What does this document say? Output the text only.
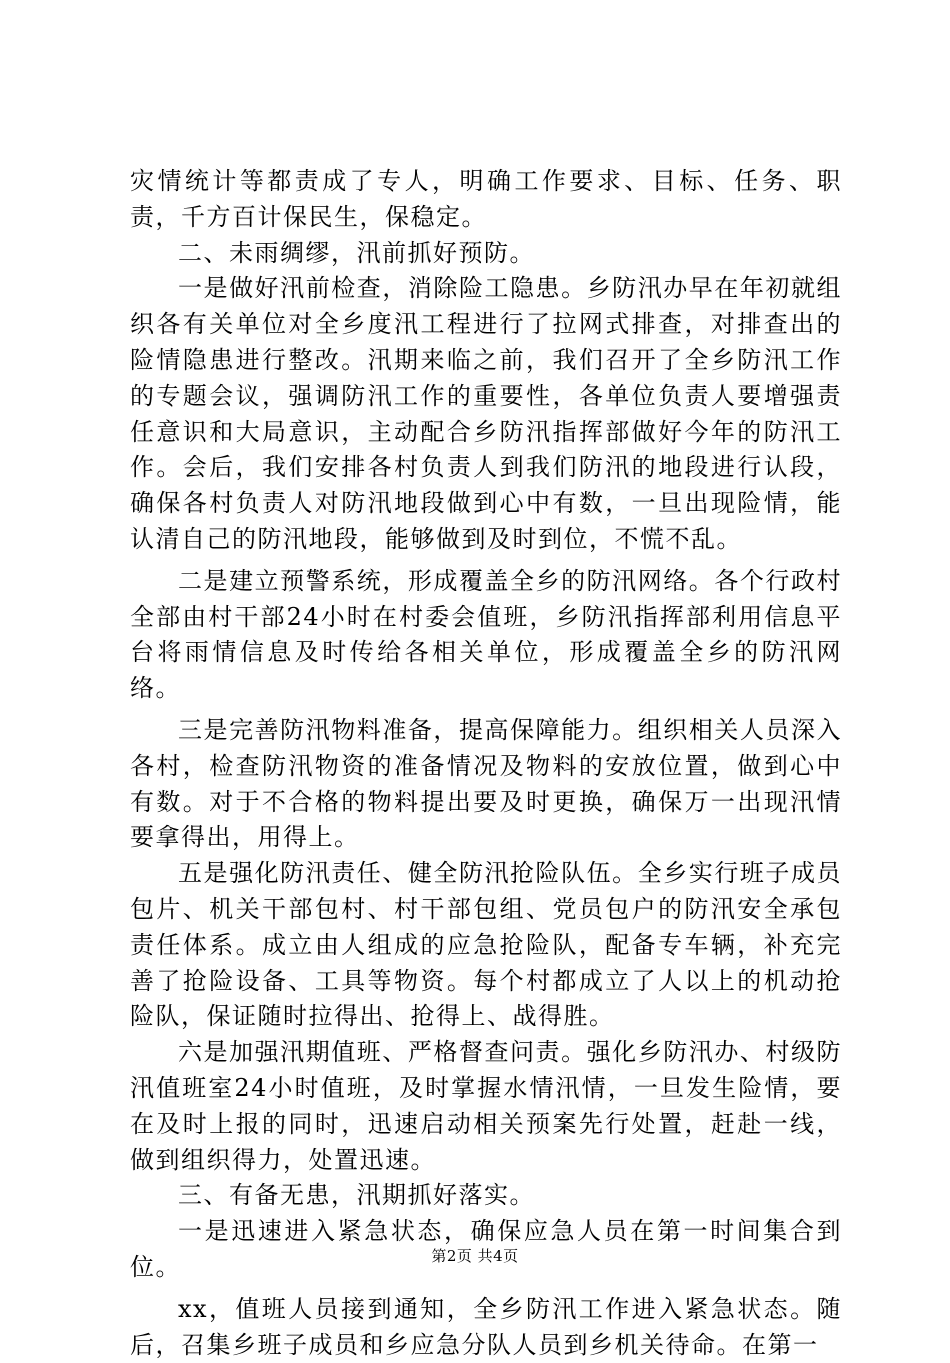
灾情统计等都责成了专人，明确工作要求、目标、任务、职责，千方百计保民生，保稳定。

二、未雨绸缪，汛前抓好预防。

一是做好汛前检查，消除险工隐患。乡防汛办早在年初就组织各有关单位对全乡度汛工程进行了拉网式排查，对排查出的险情隐患进行整改。汛期来临之前，我们召开了全乡防汛工作的专题会议，强调防汛工作的重要性，各单位负责人要增强责任意识和大局意识，主动配合乡防汛指挥部做好今年的防汛工作。会后，我们安排各村负责人到我们防汛的地段进行认段，确保各村负责人对防汛地段做到心中有数，一旦出现险情，能认清自己的防汛地段，能够做到及时到位，不慌不乱。

二是建立预警系统，形成覆盖全乡的防汛网络。各个行政村全部由村干部24小时在村委会值班，乡防汛指挥部利用信息平台将雨情信息及时传给各相关单位，形成覆盖全乡的防汛网络。

三是完善防汛物料准备，提高保障能力。组织相关人员深入各村，检查防汛物资的准备情况及物料的安放位置，做到心中有数。对于不合格的物料提出要及时更换，确保万一出现汛情要拿得出，用得上。

五是强化防汛责任、健全防汛抢险队伍。全乡实行班子成员包片、机关干部包村、村干部包组、党员包户的防汛安全承包责任体系。成立由人组成的应急抢险队，配备专车辆，补充完善了抢险设备、工具等物资。每个村都成立了人以上的机动抢险队，保证随时拉得出、抢得上、战得胜。

六是加强汛期值班、严格督查问责。强化乡防汛办、村级防汛值班室24小时值班，及时掌握水情汛情，一旦发生险情，要在及时上报的同时，迅速启动相关预案先行处置，赶赴一线，做到组织得力，处置迅速。

三、有备无患，汛期抓好落实。

一是迅速进入紧急状态，确保应急人员在第一时间集合到位。

xx，值班人员接到通知，全乡防汛工作进入紧急状态。随后，召集乡班子成员和乡应急分队人员到乡机关待命。在第一

第2页 共4页
